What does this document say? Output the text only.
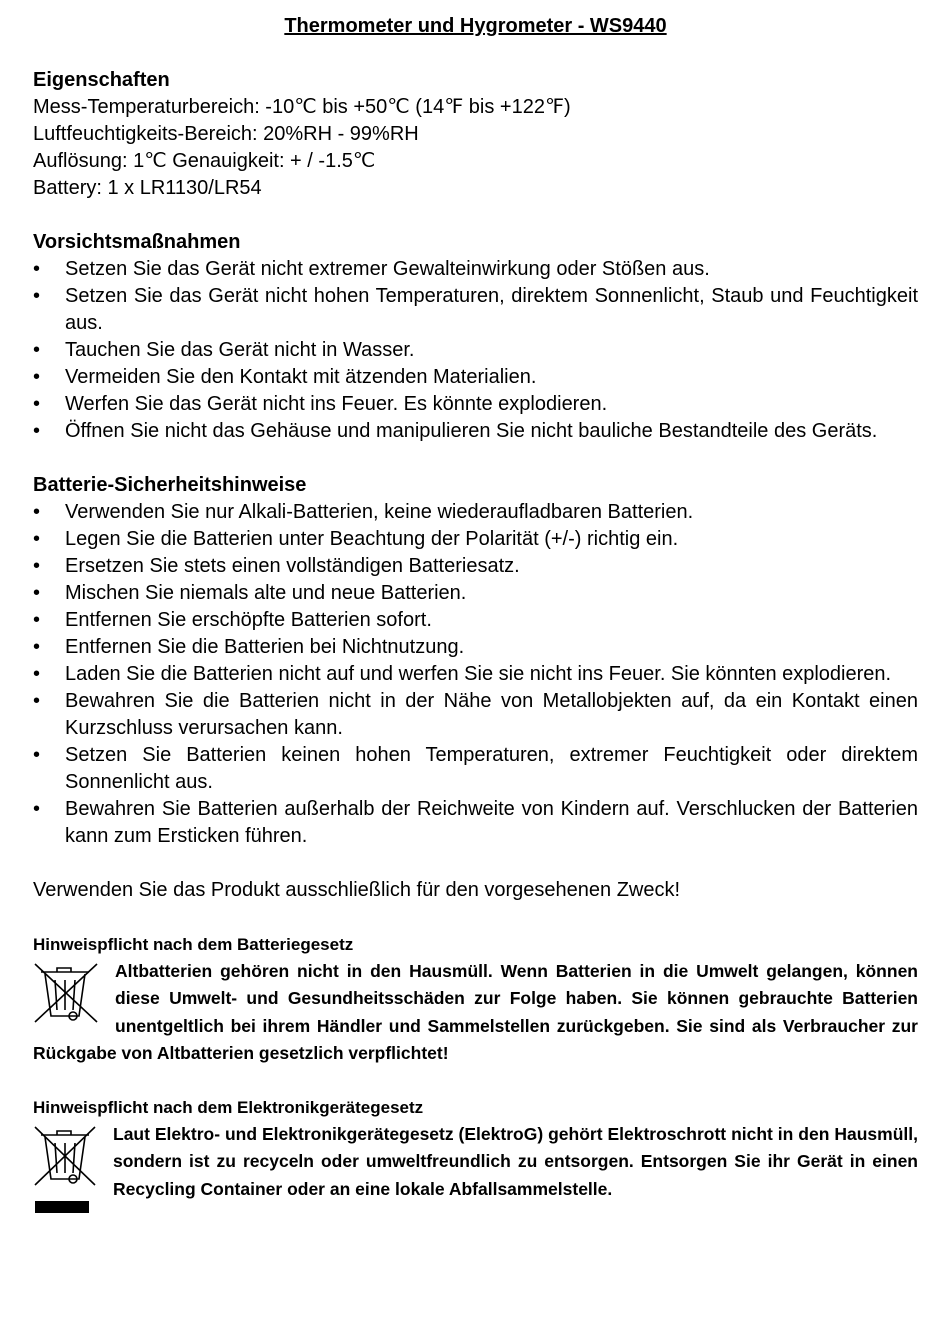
Thermometer und Hygrometer - WS9440
Eigenschaften

Mess-Temperaturbereich: -10℃ bis +50℃ (14℉ bis +122℉)

Luftfeuchtigkeits-Bereich: 20%RH - 99%RH

Auflösung: 1℃ Genauigkeit: + / -1.5℃

Battery: 1 x LR1130/LR54

Vorsichtsmaßnahmen
• Setzen Sie das Gerät nicht extremer Gewalteinwirkung oder Stößen aus.
• Setzen Sie das Gerät nicht hohen Temperaturen, direktem Sonnenlicht, Staub und Feuchtigkeit aus.
• Tauchen Sie das Gerät nicht in Wasser.
• Vermeiden Sie den Kontakt mit ätzenden Materialien.
• Werfen Sie das Gerät nicht ins Feuer. Es könnte explodieren.
• Öffnen Sie nicht das Gehäuse und manipulieren Sie nicht bauliche Bestandteile des Geräts.
Batterie-Sicherheitshinweise
• Verwenden Sie nur Alkali-Batterien, keine wiederaufladbaren Batterien.
• Legen Sie die Batterien unter Beachtung der Polarität (+/-) richtig ein.
• Ersetzen Sie stets einen vollständigen Batteriesatz.
• Mischen Sie niemals alte und neue Batterien.
• Entfernen Sie erschöpfte Batterien sofort.
• Entfernen Sie die Batterien bei Nichtnutzung.
• Laden Sie die Batterien nicht auf und werfen Sie sie nicht ins Feuer. Sie könnten explodieren.
• Bewahren Sie die Batterien nicht in der Nähe von Metallobjekten auf, da ein Kontakt einen Kurzschluss verursachen kann.
• Setzen Sie Batterien keinen hohen Temperaturen, extremer Feuchtigkeit oder direktem Sonnenlicht aus.
• Bewahren Sie Batterien außerhalb der Reichweite von Kindern auf. Verschlucken der Batterien kann zum Ersticken führen.

Verwenden Sie das Produkt ausschließlich für den vorgesehenen Zweck!

Hinweispflicht nach dem Batteriegesetz

Altbatterien gehören nicht in den Hausmüll. Wenn Batterien in die Umwelt gelangen, können diese Umwelt- und Gesundheitsschäden zur Folge haben. Sie können gebrauchte Batterien unentgeltlich bei ihrem Händler und Sammelstellen zurückgeben. Sie sind als Verbraucher zur Rückgabe von Altbatterien gesetzlich verpflichtet!

Hinweispflicht nach dem Elektronikgerätegesetz

Laut Elektro- und Elektronikgerätegesetz (ElektroG) gehört Elektroschrott nicht in den Hausmüll, sondern ist zu recyceln oder umweltfreundlich zu entsorgen. Entsorgen Sie ihr Gerät in einen Recycling Container oder an eine lokale Abfallsammelstelle.
